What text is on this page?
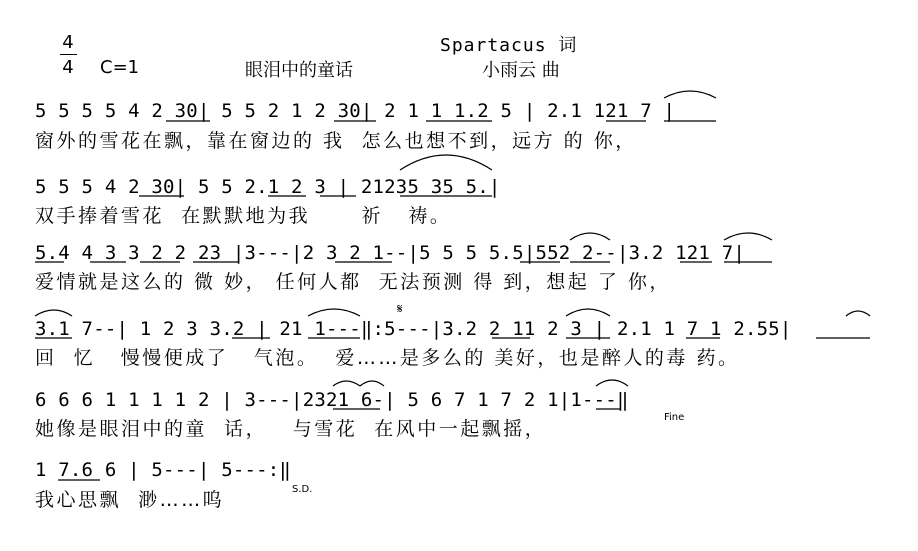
4
4 C=1	眼泪中的童话
Spartacus 词
小雨云 曲
5 5 5 5 4 2 30| 5 5 2 1 2 30| 2 1 1 1.2 5 | 2.1 121 7 |
窗外的雪花在飘，靠在窗边的 我  怎么也想不到，远方 的 你，
5 5 5 4 2 30| 5 5 2.1 2 3 | 21235 35 5.|
双手捧着雪花  在默默地为我      祈   祷。
5.4 4 3 3 2 2 23 |3---|2 3 2 1--|5 5 5 5.5|552 2--|3.2 121 7|
爱情就是这么的 微 妙， 任何人都  无法预测 得 到，想起 了 你，
3.1 7--| 1 2 3 3.2 | 21 1---‖:5---|3.2 2 11 2 3 | 2.1 1 7 1 2.55|
回  忆   慢慢便成了   气泡。  爱……是多么的 美好，也是醉人的毒 药。
6 6 6 1 1 1 1 2 | 3---|2321 6-| 5 6 7 1 7 2 1|1---‖
她像是眼泪中的童  话，   与雪花  在风中一起飘摇，
1 7.6 6 | 5---| 5---:‖
我心思飘  渺……呜
𝄋
Fine
S.D.
